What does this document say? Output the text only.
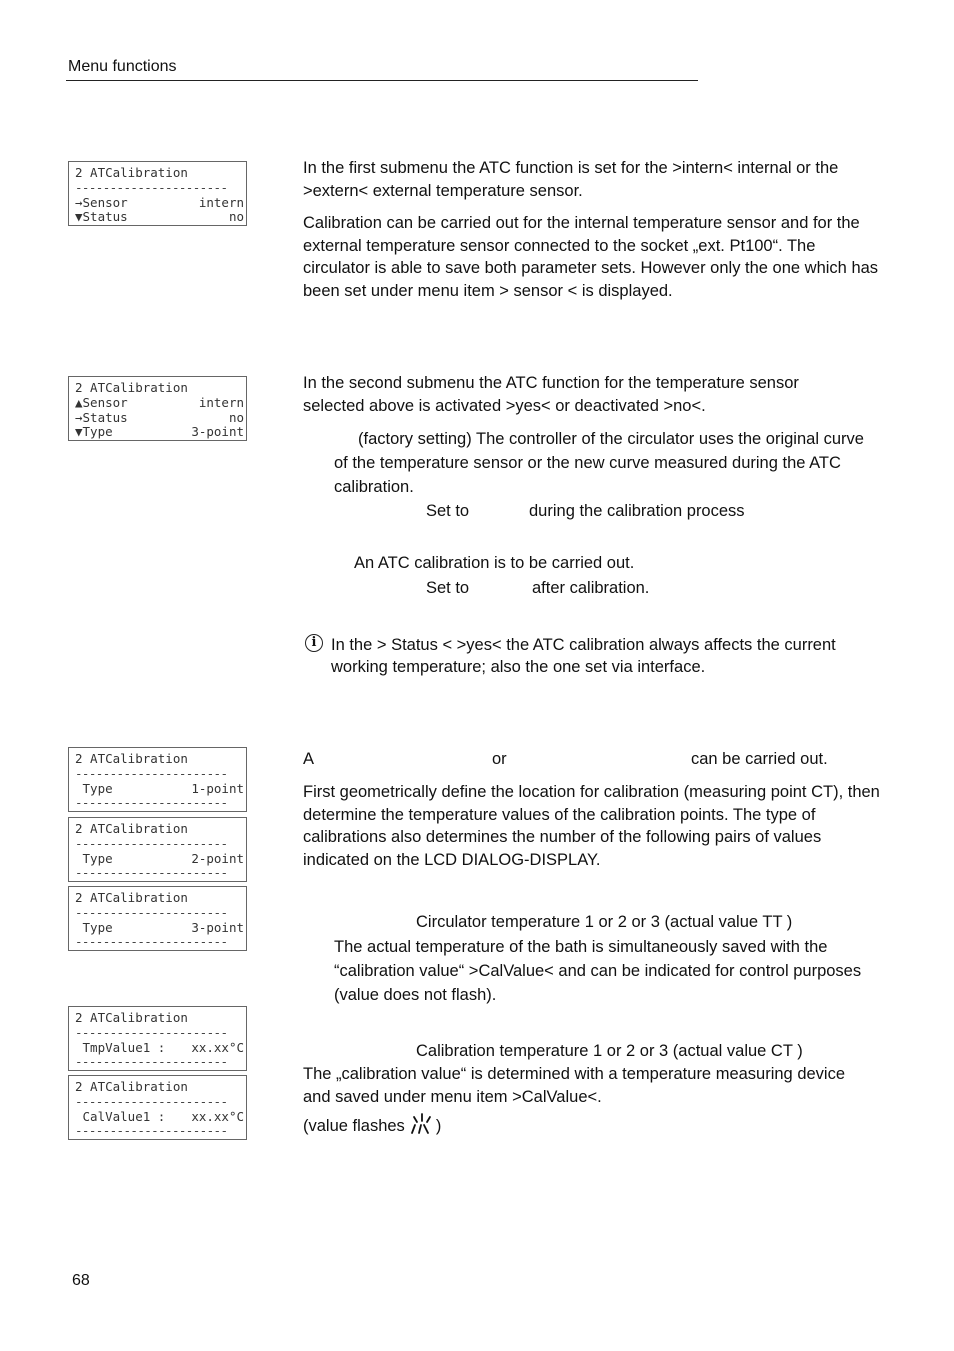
Menu functions
2 ATCalibration
----------------------
→Sensor	intern
▼Status	no
2 ATCalibration
▲Sensor	intern
→Status	no
▼Type	3-point
2 ATCalibration
----------------------
Type	1-point
----------------------
2 ATCalibration
----------------------
Type	2-point
----------------------
2 ATCalibration
----------------------
Type	3-point
----------------------
2 ATCalibration
----------------------
TmpValue1 : xx.xx°C
----------------------
2 ATCalibration
----------------------
CalValue1 : xx.xx°C
----------------------
In the first submenu the ATC function is set for the >intern< internal or the >extern< external temperature sensor.
Calibration can be carried out for the internal temperature sensor and for the external temperature sensor connected to the socket „ext. Pt100“. The circulator is able to save both parameter sets. However only the one which has been set under menu item > sensor < is displayed.
In the second submenu the ATC function for the temperature sensor selected above is activated >yes< or deactivated >no<.
(factory setting) The controller of the circulator uses the original curve of the temperature sensor or the new curve measured during the ATC calibration.
Set to	during the calibration process
An ATC calibration is to be carried out.
Set to	after calibration.
i In the > Status < >yes< the ATC calibration always affects the current working temperature; also the one set via interface.
A	or	can be carried out.
First geometrically define the location for calibration (measuring point CT), then determine the temperature values of the calibration points. The type of calibrations also determines the number of the following pairs of values indicated on the LCD DIALOG-DISPLAY.
Circulator temperature 1 or 2 or 3 (actual value TT )
The actual temperature of the bath is simultaneously saved with the “calibration value“ >CalValue< and can be indicated for control purposes (value does not flash).
Calibration temperature 1 or 2 or 3 (actual value CT )
The „calibration value“ is determined with a temperature measuring device and saved under menu item >CalValue<.
(value flashes )
68
